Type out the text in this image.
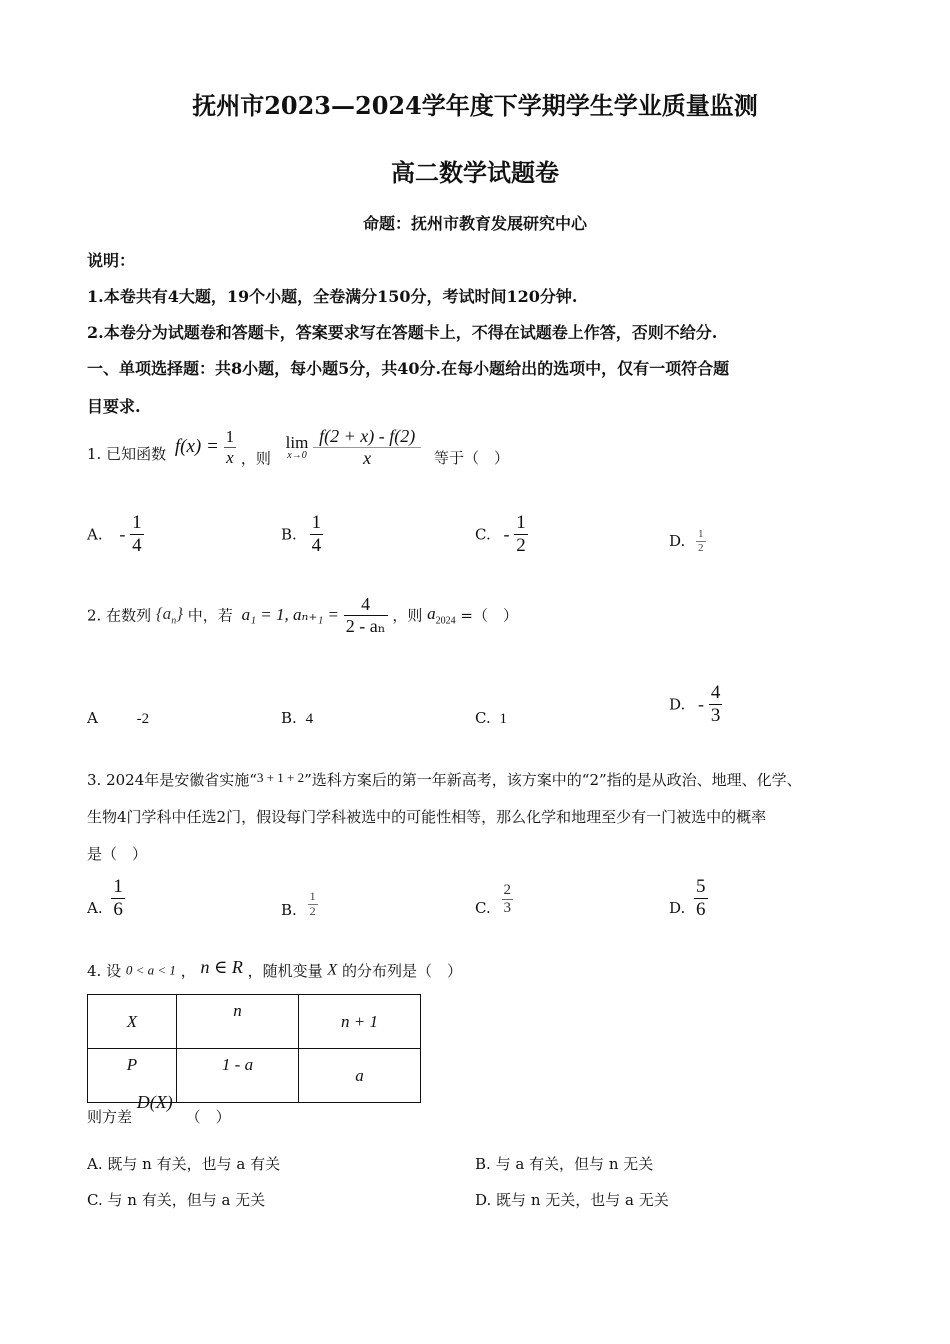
抚州市2023—2024学年度下学期学生学业质量监测
高二数学试题卷
命题：抚州市教育发展研究中心
说明：
1.本卷共有4大题，19个小题，全卷满分150分，考试时间120分钟.
2.本卷分为试题卷和答题卡，答案要求写在答题卡上，不得在试题卷上作答，否则不给分.
一、单项选择题：共8小题，每小题5分，共40分.在每小题给出的选项中，仅有一项符合题
目要求.
1. 已知函数 $f(x) = \frac{1}{x}$ ，则
lim
x→0
$\frac{f(2 + x) - f(2)}{x}$ 等于（　）
A. - $\frac{1}{4}$	B. $\frac{1}{4}$	C. - $\frac{1}{2}$	D. $\frac{1}{2}$
2. 在数列 $\{a_n\}$ 中，若 a₁ = 1, $a_{n+1} = \frac{4}{\text{2 - aₙ}}$ ，则 $a_{2024}$ =（　）
A	-2	B. 4	C. 1
D. - $\frac{4}{3}$
3. 2024年是安徽省实施“3 + 1 + 2”选科方案后的第一年新高考，该方案中的“2”指的是从政治、地理、化学、
生物4门学科中任选2门，假设每门学科被选中的可能性相等，那么化学和地理至少有一门被选中的概率
是（　）
A. $\frac{1}{6}$	B. $\frac{1}{2}$	C. $\frac{2}{3}$	D. $\frac{5}{6}$
4. 设 0 < a < 1 ， n ∈ R ，随机变量 X 的分布列是（　）
X	n	n + 1
P	1 - a	a
则方差 D(X) （　）
A. 既与 n 有关，也与 a 有关	B. 与 a 有关，但与 n 无关
C. 与 n 有关，但与 a 无关	D. 既与 n 无关，也与 a 无关
